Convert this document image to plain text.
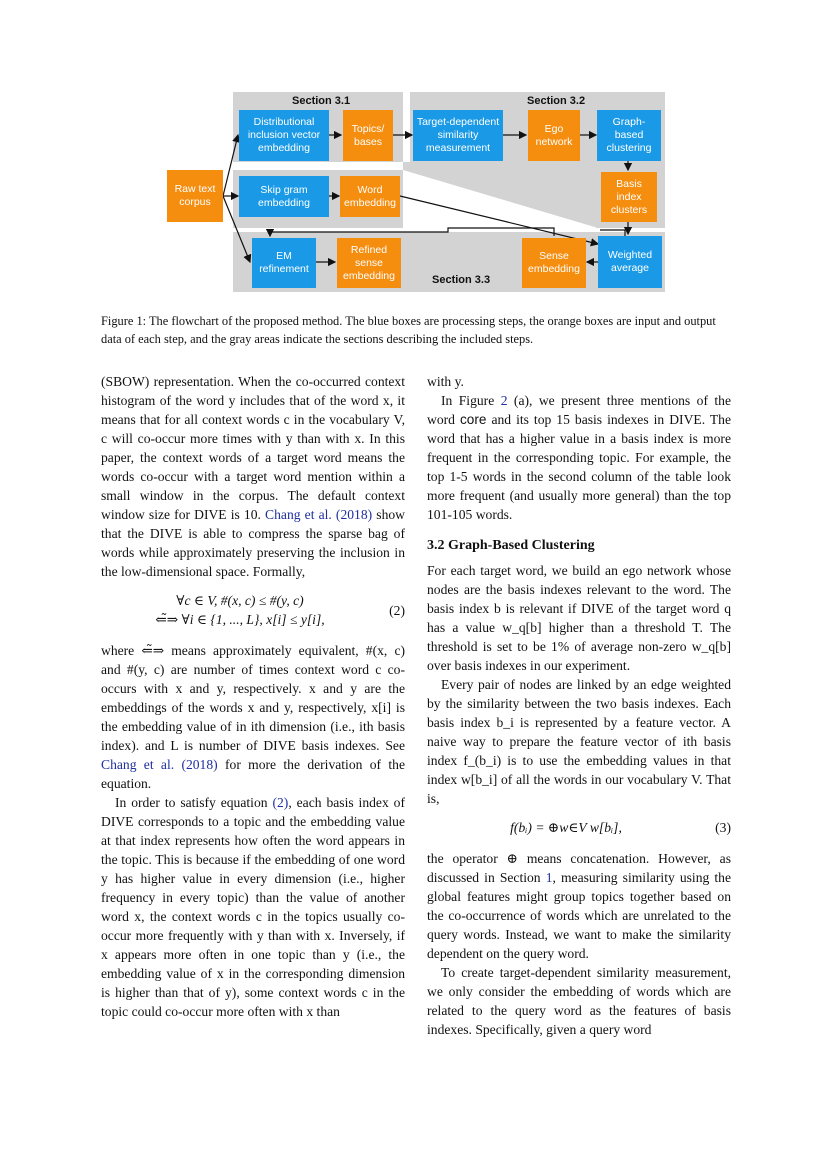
Section 3.1	Section 3.2
Section 3.3
Raw text
corpus
Distributional
inclusion vector
embedding
Topics/
bases
Skip gram
embedding
Word
embedding
EM
refinement
Refined
sense
embedding
Target-dependent
similarity
measurement
Ego
network
Graph-
based
clustering
Basis
index
clusters
Sense
embedding
Weighted
average
Figure 1: The flowchart of the proposed method. The blue boxes are processing steps, the orange boxes are input and output data of each step, and the gray areas indicate the sections describing the included steps.

(SBOW) representation. When the co-occurred context histogram of the word y includes that of the word x, it means that for all context words c in the vocabulary V, c will co-occur more times with y than with x. In this paper, the context words of a target word means the words co-occur with a target word mention within a small window in the corpus. The default context window size for DIVE is 10. Chang et al. (2018) show that the DIVE is able to compress the sparse bag of words while approximately preserving the inclusion in the low-dimensional space. Formally,

∀c ∈ V, #(x, c) ≤ #(y, c)
⇐̃⇒ ∀i ∈ {1, ..., L}, x[i] ≤ y[i],
(2)

where ⇐̃⇒ means approximately equivalent, #(x, c) and #(y, c) are number of times context word c co-occurs with x and y, respectively. x and y are the embeddings of the words x and y, respectively, x[i] is the embedding value of in ith dimension (i.e., ith basis index). and L is number of DIVE basis indexes. See Chang et al. (2018) for more the derivation of the equation.

In order to satisfy equation (2), each basis index of DIVE corresponds to a topic and the embedding value at that index represents how often the word appears in the topic. This is because if the embedding of one word y has higher value in every dimension (i.e., higher frequency in every topic) than the value of another word x, the context words c in the topics usually co-occur more frequently with y than with x. Inversely, if x appears more often in one topic than y (i.e., the embedding value of x in the corresponding dimension is higher than that of y), some context words c in the topic could co-occur more often with x than

with y.

In Figure 2 (a), we present three mentions of the word core and its top 15 basis indexes in DIVE. The word that has a higher value in a basis index is more frequent in the corresponding topic. For example, the top 1-5 words in the second column of the table look more frequent (and usually more general) than the top 101-105 words.

3.2 Graph-Based Clustering

For each target word, we build an ego network whose nodes are the basis indexes relevant to the word. The basis index b is relevant if DIVE of the target word q has a value w_q[b] higher than a threshold T. The threshold is set to be 1% of average non-zero w_q[b] over basis indexes in our experiment.

Every pair of nodes are linked by an edge weighted by the similarity between the two basis indexes. Each basis index b_i is represented by a feature vector. A naive way to prepare the feature vector of ith basis index f_(b_i) is to use the embedding values in that index w[b_i] of all the words in our vocabulary V. That is,

f(bᵢ) = ⊕w∈V w[bᵢ],	(3)

the operator ⊕ means concatenation. However, as discussed in Section 1, measuring similarity using the global features might group topics together based on the co-occurrence of words which are unrelated to the query words. Instead, we want to make the similarity dependent on the query word.

To create target-dependent similarity measurement, we only consider the embedding of words which are related to the query word as the features of basis indexes. Specifically, given a query word
